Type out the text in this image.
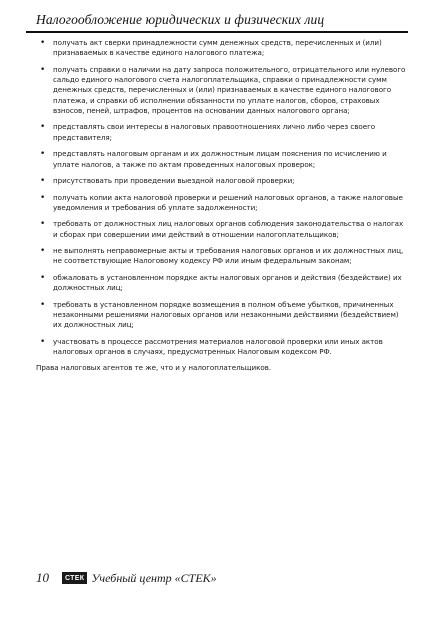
Налогообложение юридических и физических лиц
• получать акт сверки принадлежности сумм денежных средств, перечисленных и (или) признаваемых в качестве единого налогового платежа;
• получать справки о наличии на дату запроса положительного, отрицательного или нулевого сальдо единого налогового счета налогоплательщика, справки о принадлежности сумм денежных средств, перечисленных и (или) признаваемых в качестве единого налогового платежа, и справки об исполнении обязанности по уплате налогов, сборов, страховых взносов, пеней, штрафов, процентов на основании данных налогового органа;
• представлять свои интересы в налоговых правоотношениях лично либо через своего представителя;
• представлять налоговым органам и их должностным лицам пояснения по исчислению и уплате налогов, а также по актам проведенных налоговых проверок;
• присутствовать при проведении выездной налоговой проверки;
• получать копии акта налоговой проверки и решений налоговых органов, а также налоговые уведомления и требования об уплате задолженности;
• требовать от должностных лиц налоговых органов соблюдения законодательства о налогах и сборах при совершении ими действий в отношении налогоплательщиков;
• не выполнять неправомерные акты и требования налоговых органов и их должностных лиц, не соответствующие Налоговому кодексу РФ или иным федеральным законам;
• обжаловать в установленном порядке акты налоговых органов и действия (бездействие) их должностных лиц;
• требовать в установленном порядке возмещения в полном объеме убытков, причиненных незаконными решениями налоговых органов или незаконными действиями (бездействием) их должностных лиц;
• участвовать в процессе рассмотрения материалов налоговой проверки или иных актов налоговых органов в случаях, предусмотренных Налоговым кодексом РФ.

Права налоговых агентов те же, что и у налогоплательщиков.

10	СТЕК Учебный центр «СТЕК»
